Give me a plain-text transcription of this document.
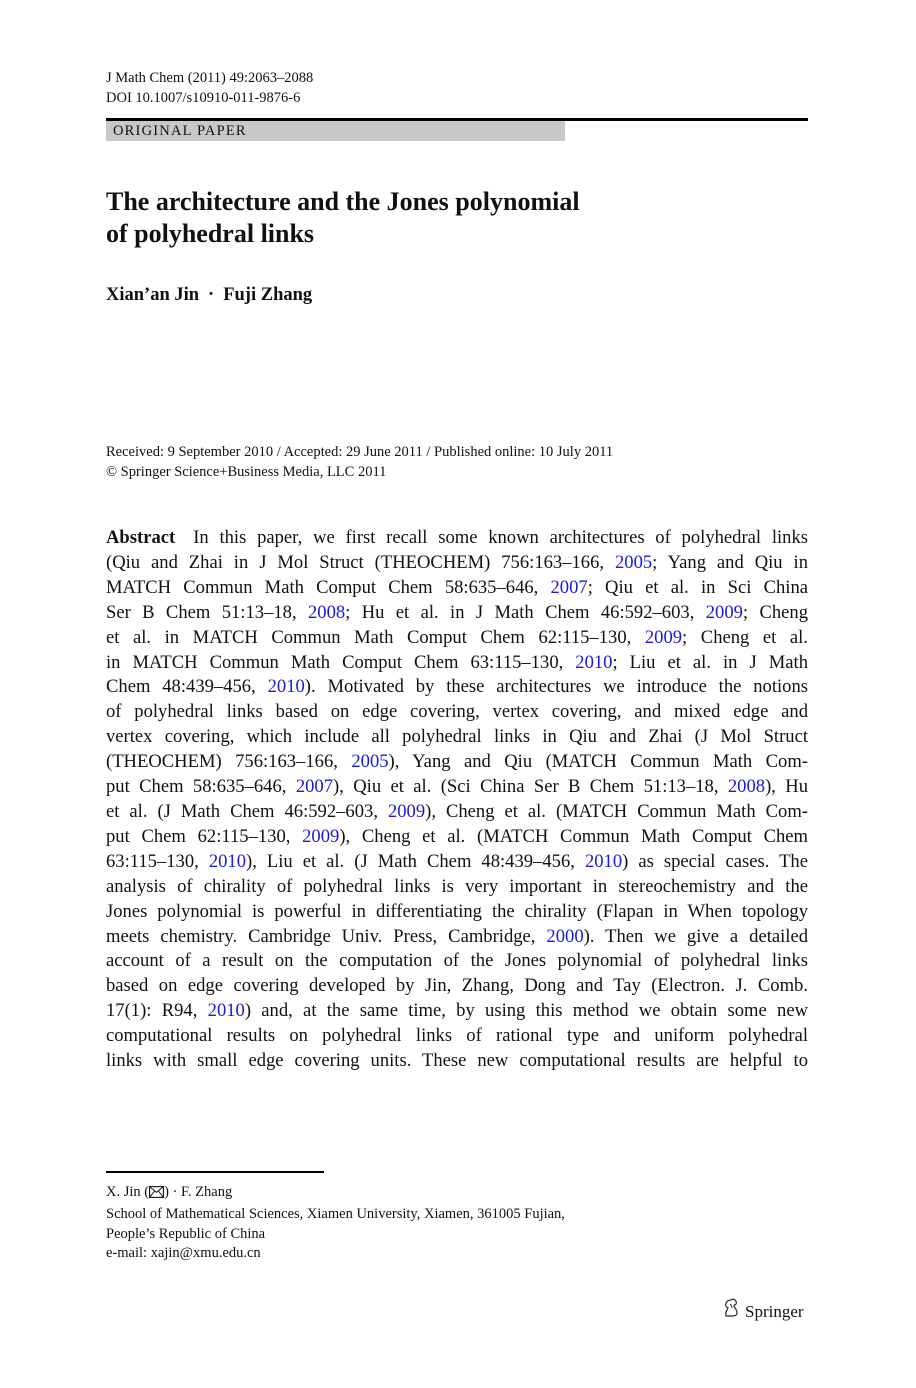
J Math Chem (2011) 49:2063–2088
DOI 10.1007/s10910-011-9876-6
ORIGINAL PAPER
The architecture and the Jones polynomial
of polyhedral links
Xian’an Jin · Fuji Zhang
Received: 9 September 2010 / Accepted: 29 June 2011 / Published online: 10 July 2011
© Springer Science+Business Media, LLC 2011
Abstract In this paper, we first recall some known architectures of polyhedral links
(Qiu and Zhai in J Mol Struct (THEOCHEM) 756:163–166, 2005; Yang and Qiu in
MATCH Commun Math Comput Chem 58:635–646, 2007; Qiu et al. in Sci China
Ser B Chem 51:13–18, 2008; Hu et al. in J Math Chem 46:592–603, 2009; Cheng
et al. in MATCH Commun Math Comput Chem 62:115–130, 2009; Cheng et al.
in MATCH Commun Math Comput Chem 63:115–130, 2010; Liu et al. in J Math
Chem 48:439–456, 2010). Motivated by these architectures we introduce the notions
of polyhedral links based on edge covering, vertex covering, and mixed edge and
vertex covering, which include all polyhedral links in Qiu and Zhai (J Mol Struct
(THEOCHEM) 756:163–166, 2005), Yang and Qiu (MATCH Commun Math Com-
put Chem 58:635–646, 2007), Qiu et al. (Sci China Ser B Chem 51:13–18, 2008), Hu
et al. (J Math Chem 46:592–603, 2009), Cheng et al. (MATCH Commun Math Com-
put Chem 62:115–130, 2009), Cheng et al. (MATCH Commun Math Comput Chem
63:115–130, 2010), Liu et al. (J Math Chem 48:439–456, 2010) as special cases. The
analysis of chirality of polyhedral links is very important in stereochemistry and the
Jones polynomial is powerful in differentiating the chirality (Flapan in When topology
meets chemistry. Cambridge Univ. Press, Cambridge, 2000). Then we give a detailed
account of a result on the computation of the Jones polynomial of polyhedral links
based on edge covering developed by Jin, Zhang, Dong and Tay (Electron. J. Comb.
17(1): R94, 2010) and, at the same time, by using this method we obtain some new
computational results on polyhedral links of rational type and uniform polyhedral
links with small edge covering units. These new computational results are helpful to
X. Jin ( ) · F. Zhang
School of Mathematical Sciences, Xiamen University, Xiamen, 361005 Fujian,
People’s Republic of China
e-mail: xajin@xmu.edu.cn
Springer
